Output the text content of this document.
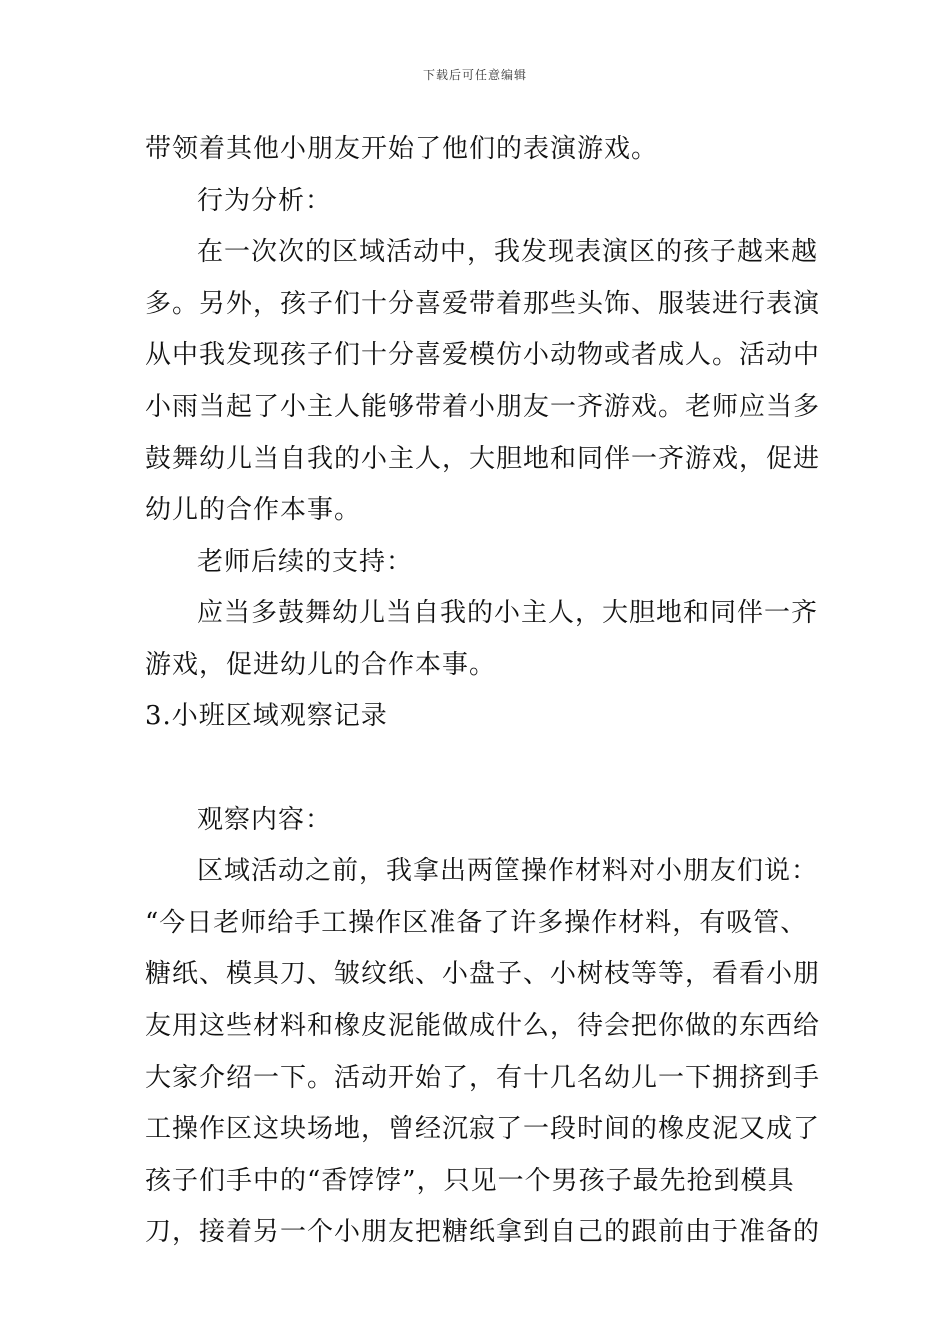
下载后可任意编辑
带领着其他小朋友开始了他们的表演游戏。
行为分析：
在一次次的区域活动中，我发现表演区的孩子越来越
多。另外，孩子们十分喜爱带着那些头饰、服装进行表演
从中我发现孩子们十分喜爱模仿小动物或者成人。活动中
小雨当起了小主人能够带着小朋友一齐游戏。老师应当多
鼓舞幼儿当自我的小主人，大胆地和同伴一齐游戏，促进
幼儿的合作本事。
老师后续的支持：
应当多鼓舞幼儿当自我的小主人，大胆地和同伴一齐
游戏，促进幼儿的合作本事。
3.小班区域观察记录
观察内容：
区域活动之前，我拿出两筐操作材料对小朋友们说：
“今日老师给手工操作区准备了许多操作材料，有吸管、
糖纸、模具刀、皱纹纸、小盘子、小树枝等等，看看小朋
友用这些材料和橡皮泥能做成什么，待会把你做的东西给
大家介绍一下。活动开始了，有十几名幼儿一下拥挤到手
工操作区这块场地，曾经沉寂了一段时间的橡皮泥又成了
孩子们手中的“香饽饽”，只见一个男孩子最先抢到模具
刀，接着另一个小朋友把糖纸拿到自己的跟前由于准备的
